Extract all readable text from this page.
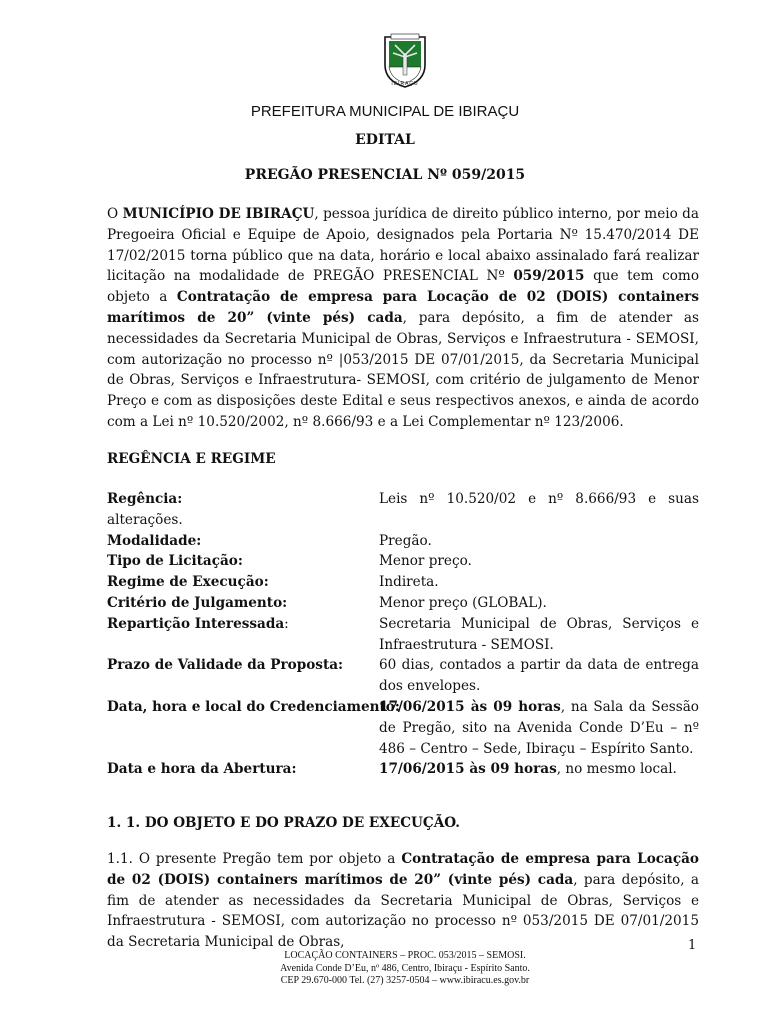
IBIRAÇU
PREFEITURA MUNICIPAL DE IBIRAÇU
EDITAL
PREGÃO PRESENCIAL Nº 059/2015
O MUNICÍPIO DE IBIRAÇU, pessoa jurídica de direito público interno, por meio da Pregoeira Oficial e Equipe de Apoio, designados pela Portaria Nº 15.470/2014 DE 17/02/2015 torna público que na data, horário e local abaixo assinalado fará realizar licitação na modalidade de PREGÃO PRESENCIAL Nº 059/2015 que tem como objeto a Contratação de empresa para Locação de 02 (DOIS) containers marítimos de 20” (vinte pés) cada, para depósito, a fim de atender as necessidades da Secretaria Municipal de Obras, Serviços e Infraestrutura - SEMOSI, com autorização no processo nº |053/2015 DE 07/01/2015, da Secretaria Municipal de Obras, Serviços e Infraestrutura- SEMOSI, com critério de julgamento de Menor Preço e com as disposições deste Edital e seus respectivos anexos, e ainda de acordo com a Lei nº 10.520/2002, nº 8.666/93 e a Lei Complementar nº 123/2006.
REGÊNCIA E REGIME
Regência:	Leis nº 10.520/02 e nº 8.666/93 e suas
alterações.
Modalidade:	Pregão.
Tipo de Licitação:	Menor preço.
Regime de Execução:	Indireta.
Critério de Julgamento:	Menor preço (GLOBAL).
Repartição Interessada:	Secretaria Municipal de Obras, Serviços e Infraestrutura - SEMOSI.
Prazo de Validade da Proposta:	60 dias, contados a partir da data de entrega dos envelopes.
Data, hora e local do Credenciamento:
17/06/2015 às 09 horas, na Sala da Sessão de Pregão, sito na Avenida Conde D’Eu – nº 486 – Centro – Sede, Ibiraçu – Espírito Santo.
Data e hora da Abertura:	17/06/2015 às 09 horas, no mesmo local.
1. 1. DO OBJETO E DO PRAZO DE EXECUÇÃO.
1.1. O presente Pregão tem por objeto a Contratação de empresa para Locação de 02 (DOIS) containers marítimos de 20” (vinte pés) cada, para depósito, a fim de atender as necessidades da Secretaria Municipal de Obras, Serviços e Infraestrutura - SEMOSI, com autorização no processo nº 053/2015 DE 07/01/2015 da Secretaria Municipal de Obras,	1
LOCAÇÃO CONTAINERS – PROC. 053/2015 – SEMOSI.
Avenida Conde D’Eu, nº 486, Centro, Ibiraçu - Espírito Santo.
CEP 29.670-000 Tel. (27) 3257-0504 – www.ibiracu.es.gov.br
